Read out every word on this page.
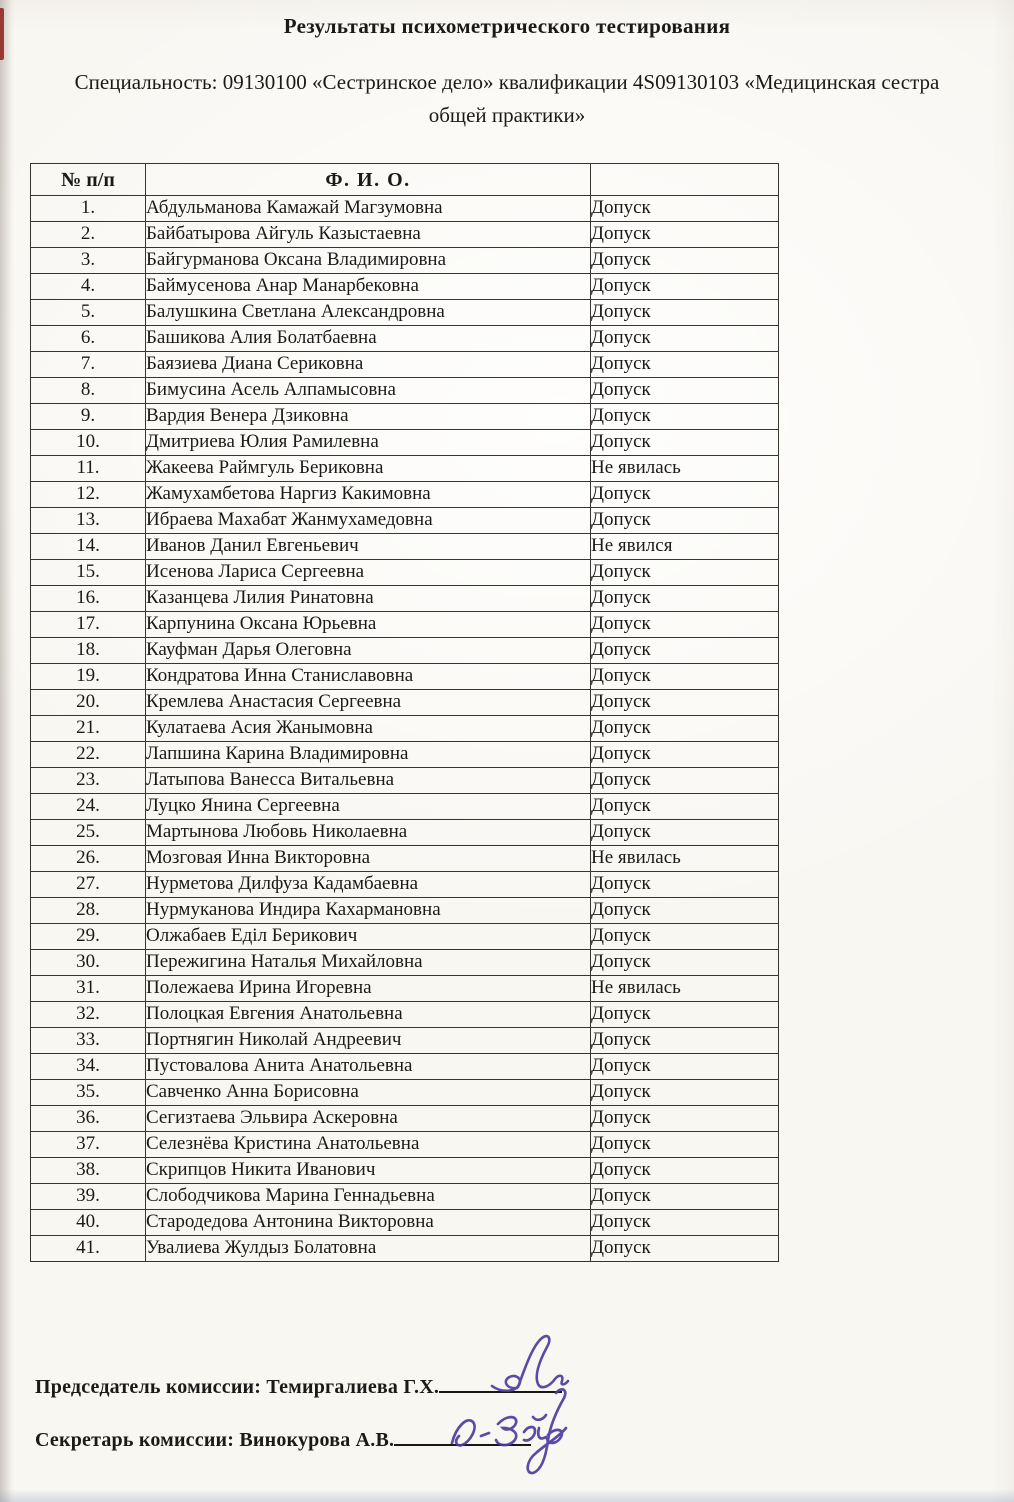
Результаты психометрического тестирования

Специальность: 09130100 «Сестринское дело» квалификации 4S09130103 «Медицинская сестра общей практики»

№ п/п	Ф. И. О.	
1.	Абдульманова Камажай Магзумовна	Допуск
2.	Байбатырова Айгуль Казыстаевна	Допуск
3.	Байгурманова Оксана Владимировна	Допуск
4.	Баймусенова Анар Манарбековна	Допуск
5.	Балушкина Светлана Александровна	Допуск
6.	Башикова Алия Болатбаевна	Допуск
7.	Баязиева Диана Сериковна	Допуск
8.	Бимусина Асель Алпамысовна	Допуск
9.	Вардия Венера Дзиковна	Допуск
10.	Дмитриева Юлия Рамилевна	Допуск
11.	Жакеева Раймгуль Бериковна	Не явилась
12.	Жамухамбетова Наргиз Какимовна	Допуск
13.	Ибраева Махабат Жанмухамедовна	Допуск
14.	Иванов Данил Евгеньевич	Не явился
15.	Исенова Лариса Сергеевна	Допуск
16.	Казанцева Лилия Ринатовна	Допуск
17.	Карпунина Оксана Юрьевна	Допуск
18.	Кауфман Дарья Олеговна	Допуск
19.	Кондратова Инна Станиславовна	Допуск
20.	Кремлева Анастасия Сергеевна	Допуск
21.	Кулатаева Асия Жанымовна	Допуск
22.	Лапшина Карина Владимировна	Допуск
23.	Латыпова Ванесса Витальевна	Допуск
24.	Луцко Янина Сергеевна	Допуск
25.	Мартынова Любовь Николаевна	Допуск
26.	Мозговая Инна Викторовна	Не явилась
27.	Нурметова Дилфуза Кадамбаевна	Допуск
28.	Нурмуканова Индира Кахармановна	Допуск
29.	Олжабаев Еділ Берикович	Допуск
30.	Пережигина Наталья Михайловна	Допуск
31.	Полежаева Ирина Игоревна	Не явилась
32.	Полоцкая Евгения Анатольевна	Допуск
33.	Портнягин Николай Андреевич	Допуск
34.	Пустовалова Анита Анатольевна	Допуск
35.	Савченко Анна Борисовна	Допуск
36.	Сегизтаева Эльвира Аскеровна	Допуск
37.	Селезнёва Кристина Анатольевна	Допуск
38.	Скрипцов Никита Иванович	Допуск
39.	Слободчикова Марина Геннадьевна	Допуск
40.	Стародедова Антонина Викторовна	Допуск
41.	Увалиева Жулдыз Болатовна	Допуск
Председатель комиссии: Темиргалиева Г.Х.
Секретарь комиссии: Винокурова А.В.
